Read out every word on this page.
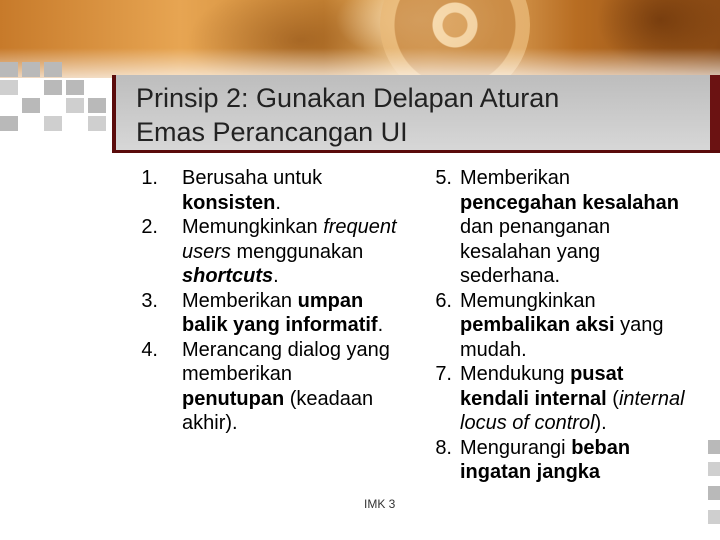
Prinsip 2: Gunakan Delapan Aturan
Emas Perancangan UI
1. Berusaha untuk konsisten.
2. Memungkinkan frequent users menggunakan shortcuts.
3. Memberikan umpan balik yang informatif.
4. Merancang dialog yang memberikan penutupan (keadaan akhir).
5. Memberikan pencegahan kesalahan dan penanganan kesalahan yang sederhana.
6. Memungkinkan pembalikan aksi yang mudah.
7. Mendukung pusat kendali internal (internal locus of control).
8. Mengurangi beban ingatan jangka
IMK 3
